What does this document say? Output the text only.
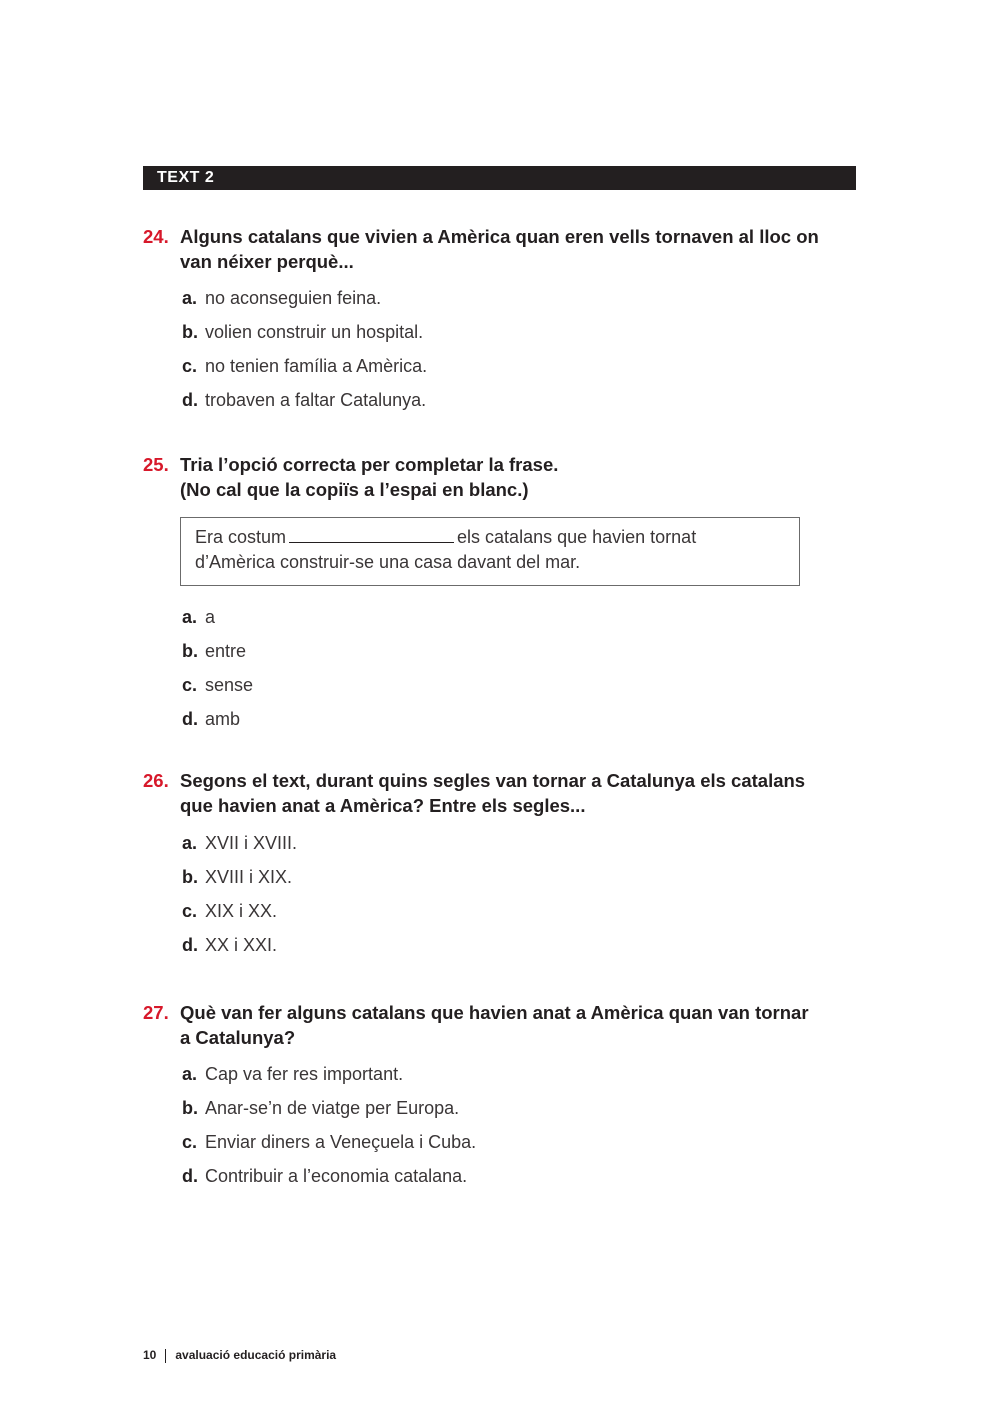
TEXT 2
24. Alguns catalans que vivien a Amèrica quan eren vells tornaven al lloc on
van néixer perquè...
a. no aconseguien feina.
b. volien construir un hospital.
c. no tenien família a Amèrica.
d. trobaven a faltar Catalunya.
25. Tria l’opció correcta per completar la frase.
(No cal que la copiïs a l’espai en blanc.)
Era costum	els catalans que havien tornat
d’Amèrica construir-se una casa davant del mar.
a. a
b. entre
c. sense
d. amb
26. Segons el text, durant quins segles van tornar a Catalunya els catalans
que havien anat a Amèrica? Entre els segles...
a. XVII i XVIII.
b. XVIII i XIX.
c. XIX i XX.
d. XX i XXI.
27. Què van fer alguns catalans que havien anat a Amèrica quan van tornar
a Catalunya?
a. Cap va fer res important.
b. Anar-se’n de viatge per Europa.
c. Enviar diners a Veneçuela i Cuba.
d. Contribuir a l’economia catalana.
10 avaluació educació primària
